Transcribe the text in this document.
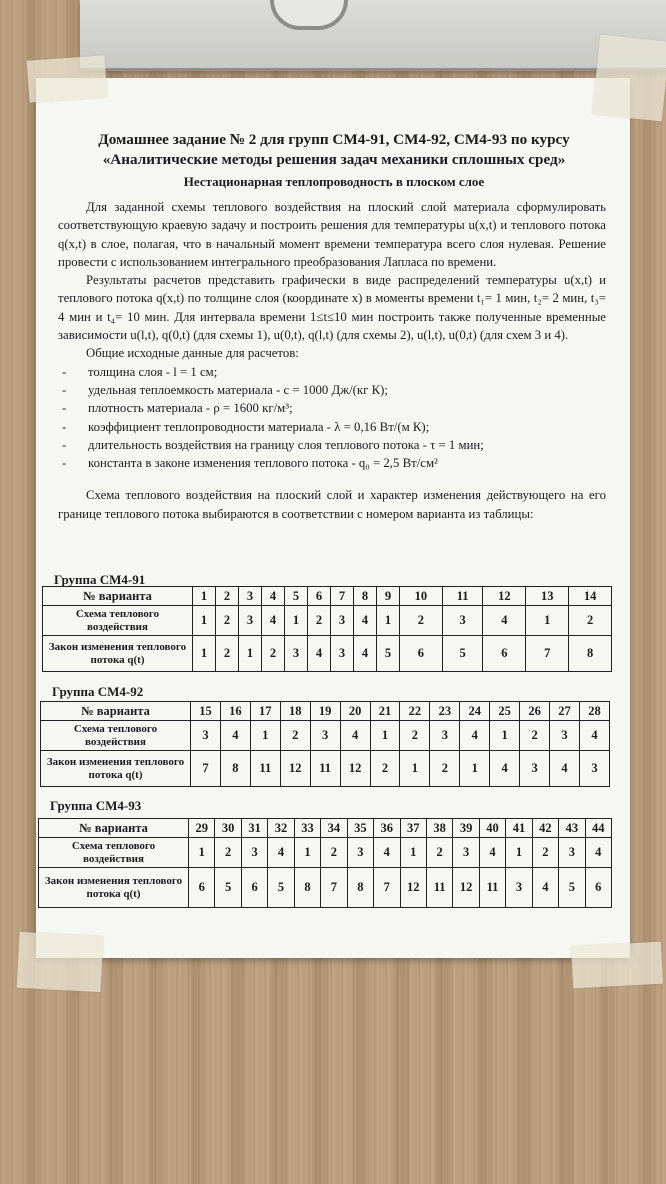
Домашнее задание № 2 для групп СМ4-91, СМ4-92, СМ4-93 по курсу
«Аналитические методы решения задач механики сплошных сред»
Нестационарная теплопроводность в плоском слое

Для заданной схемы теплового воздействия на плоский слой материала сформулировать соответствующую краевую задачу и построить решения для температуры u(x,t) и теплового потока q(x,t) в слое, полагая, что в начальный момент времени температура всего слоя нулевая. Решение провести с использованием интегрального преобразования Лапласа по времени.

Результаты расчетов представить графически в виде распределений температуры u(x,t) и теплового потока q(x,t) по толщине слоя (координате x) в моменты времени t₁= 1 мин, t₂= 2 мин, t₃= 4 мин и t₄= 10 мин. Для интервала времени 1≤t≤10 мин построить также полученные временные зависимости u(l,t), q(0,t) (для схемы 1), u(0,t), q(l,t) (для схемы 2), u(l,t), u(0,t) (для схем 3 и 4).

Общие исходные данные для расчетов:

- толщина слоя - l = 1 см;
- удельная теплоемкость материала - c = 1000 Дж/(кг К);
- плотность материала - ρ = 1600 кг/м³;
- коэффициент теплопроводности материала - λ = 0,16 Вт/(м К);
- длительность воздействия на границу слоя теплового потока - τ = 1 мин;
- константа в законе изменения теплового потока - q₀ = 2,5 Вт/см²

Схема теплового воздействия на плоский слой и характер изменения действующего на его границе теплового потока выбираются в соответствии с номером варианта из таблицы:

Группа СМ4-91
№ варианта	1	2	3	4	5	6	7	8	9	10	11	12	13	14
Схема теплового воздействия	1	2	3	4	1	2	3	4	1	2	3	4	1	2
Закон изменения теплового потока q(t)	1	2	1	2	3	4	3	4	5	6	5	6	7	8
Группа СМ4-92
№ варианта	15	16	17	18	19	20	21	22	23	24	25	26	27	28
Схема теплового воздействия	3	4	1	2	3	4	1	2	3	4	1	2	3	4
Закон изменения теплового потока q(t)	7	8	11	12	11	12	2	1	2	1	4	3	4	3
Группа СМ4-93
№ варианта	29	30	31	32	33	34	35	36	37	38	39	40	41	42	43	44
Схема теплового воздействия	1	2	3	4	1	2	3	4	1	2	3	4	1	2	3	4
Закон изменения теплового потока q(t)	6	5	6	5	8	7	8	7	12	11	12	11	3	4	5	6
